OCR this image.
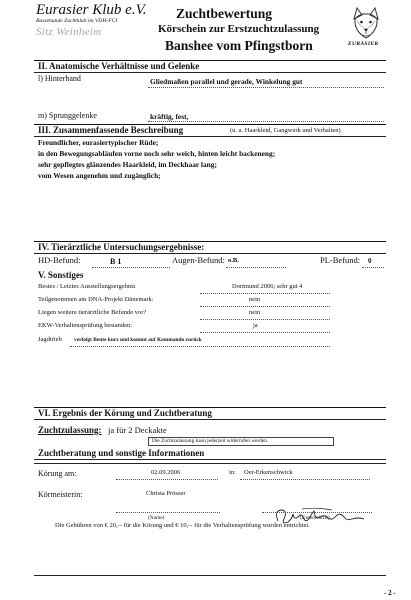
Eurasier Klub e.V.
Rassehunde Zuchtklub im VDH-FCI
Sitz Weinheim
Zuchtbewertung
Körschein zur Erstzuchtzulassung
Banshee vom Pfingstborn	EURASIER
II. Anatomische Verhältnisse und Gelenke
l) Hinterhand	Gliedmaßen parallel und gerade, Winkelung gut
m) Sprunggelenke	kräftig, fest,
III. Zusammenfassende Beschreibung	(u. a. Haarkleid, Gangwerk und Verhalten)
Freundlicher, eurasiertypischer Rüde;
in den Bewegungsabläufen vorne noch sehr weich, hinten leicht backeneng;
sehr gepflegtes glänzendes Haarkleid, im Deckhaar lang;
vom Wesen angenehm und zugänglich;
IV. Tierärztliche Untersuchungsergebnisse:
HD-Befund:	B 1	Augen-Befund: o.B.	PL-Befund: 0
V. Sonstiges
Bestes / Letztes Ausstellungsergebnis	Dortmund 2006; sehr gut 4
Teilgenommen am DNA-Projekt Dänemark:	nein
Liegen weitere tierärztliche Befunde vor?	nein
EKW-Verhaltensprüfung bestanden:	ja
Jagdtrieb verfolgt Beute kurz und kommt auf Kommando zurück
VI. Ergebnis der Körung und Zuchtberatung
Zuchtzulassung: ja für 2 Deckakte
Die Zuchtzulassung kann jederzeit widerrufen werden.
Zuchtberatung und sonstige Informationen
Körung am:	02.09.2006	in: Oer-Erkenschwick
Körmeisterin:	Christa Prösser
(Name)	(Unterschrift)
Die Gebühren von € 20,-- für die Körung und € 10,-- für die Verhaltensprüfung wurden entrichtet.
- 2 -
